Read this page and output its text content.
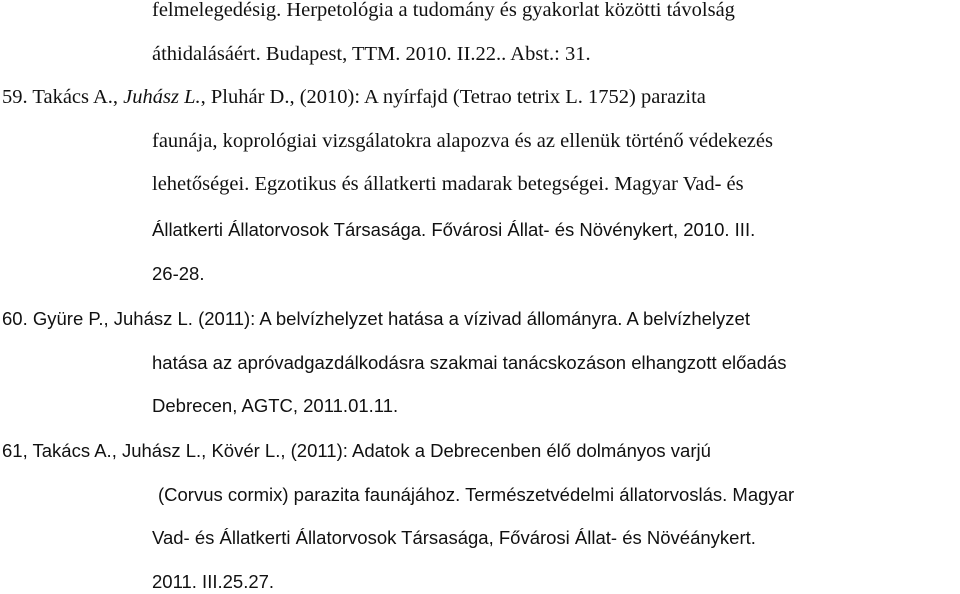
felmelegedésig. Herpetológia a tudomány és gyakorlat közötti távolság
áthidalásáért. Budapest, TTM. 2010. II.22.. Abst.: 31.
59. Takács A., Juhász L., Pluhár D., (2010): A nyírfajd (Tetrao tetrix L. 1752) parazita
faunája, koprológiai vizsgálatokra alapozva és az ellenük történő védekezés
lehetőségei. Egzotikus és állatkerti madarak betegségei. Magyar Vad- és
Állatkerti Állatorvosok Társasága. Fővárosi Állat- és Növénykert, 2010. III.
26-28.
60. Gyüre P., Juhász L. (2011): A belvízhelyzet hatása a vízivad állományra. A belvízhelyzet
hatása az apróvadgazdálkodásra szakmai tanácskozáson elhangzott előadás
Debrecen, AGTC, 2011.01.11.
61, Takács A., Juhász L., Kövér L., (2011): Adatok a Debrecenben élő dolmányos varjú
(Corvus cormix) parazita faunájához. Természetvédelmi állatorvoslás. Magyar
Vad- és Állatkerti Állatorvosok Társasága, Fővárosi Állat- és Növéánykert.
2011. III.25.27.
